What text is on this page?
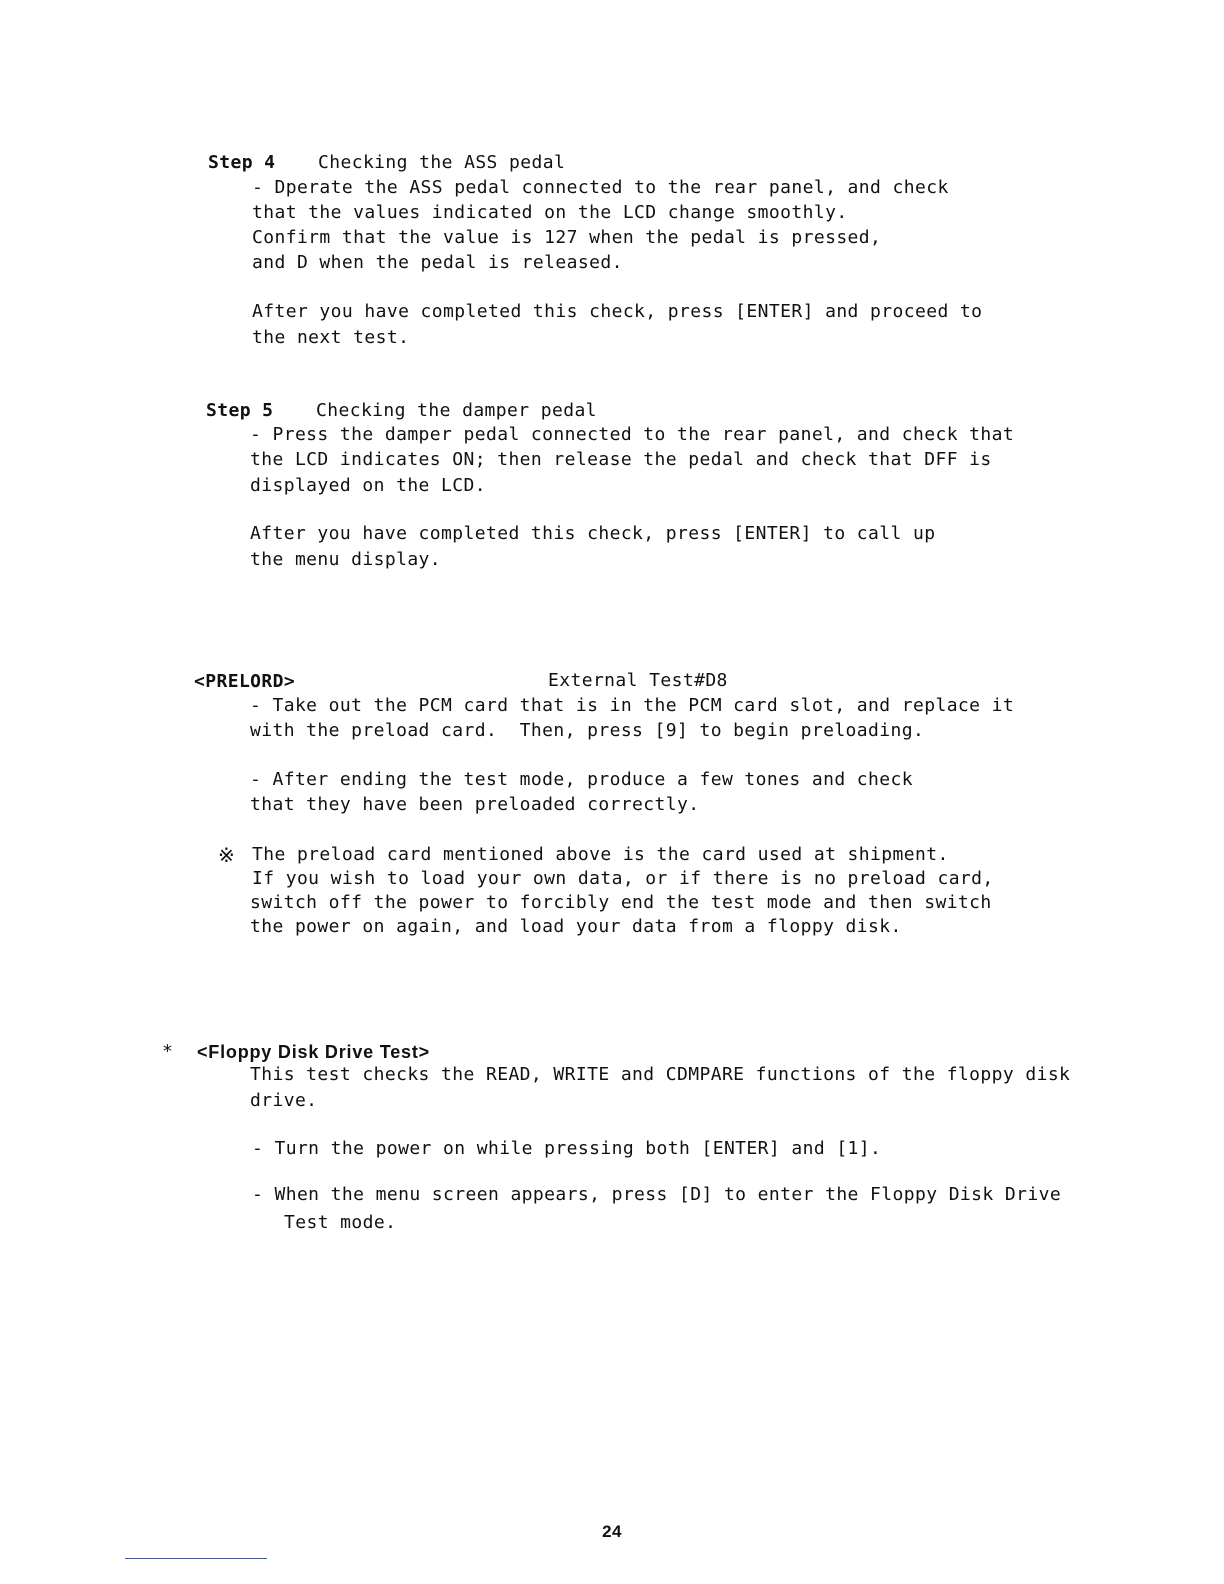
Step 4 Checking the ASS pedal
- Dperate the ASS pedal connected to the rear panel, and check
that the values indicated on the LCD change smoothly.
Confirm that the value is 127 when the pedal is pressed,
and D when the pedal is released.
After you have completed this check, press [ENTER] and proceed to
the next test.
Step 5 Checking the damper pedal
- Press the damper pedal connected to the rear panel, and check that
the LCD indicates ON; then release the pedal and check that DFF is
displayed on the LCD.
After you have completed this check, press [ENTER] to call up
the menu display.
<PRELORD>	External Test#D8
- Take out the PCM card that is in the PCM card slot, and replace it
with the preload card.  Then, press [9] to begin preloading.
- After ending the test mode, produce a few tones and check
that they have been preloaded correctly.
※ The preload card mentioned above is the card used at shipment.
If you wish to load your own data, or if there is no preload card,
switch off the power to forcibly end the test mode and then switch
the power on again, and load your data from a floppy disk.
* <Floppy Disk Drive Test>
This test checks the READ, WRITE and CDMPARE functions of the floppy disk
drive.
- Turn the power on while pressing both [ENTER] and [1].
- When the menu screen appears, press [D] to enter the Floppy Disk Drive
Test mode.
24
